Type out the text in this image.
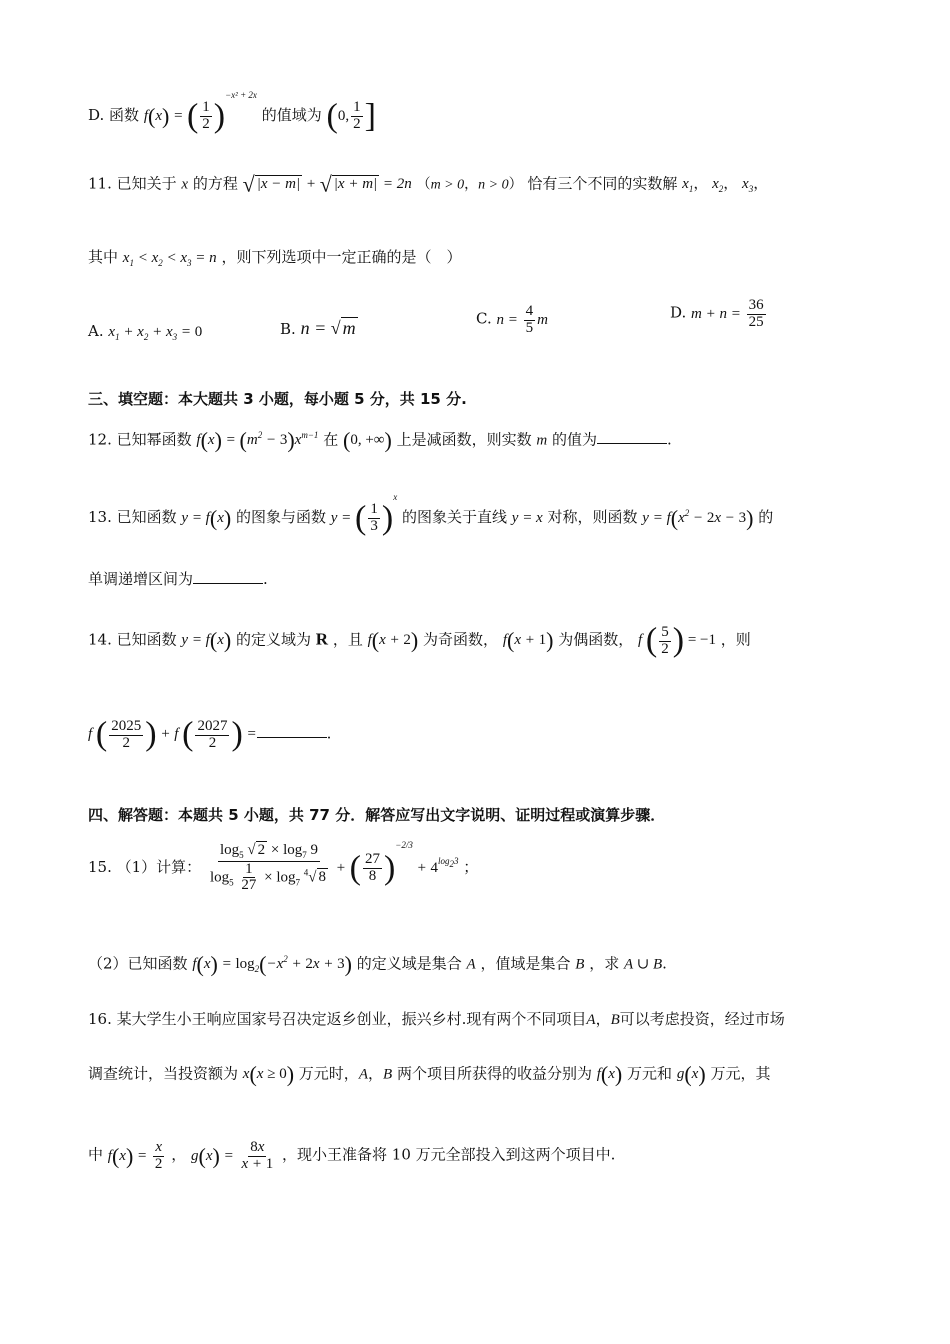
D. 函数 f(x) = ( $\frac{1}{2} )^{-x^2 + 2x}$ 的值域为 (0, $\frac{1}{2}$ ]
11. 已知关于 x 的方程 √ |x − m| + √ |x + m| = 2n （m > 0，n > 0） 恰有三个不同的实数解 $x_1$， $x_2$， $x_3$，
其中 $x_1 < x_2 < x_3 = n$ ，则下列选项中一定正确的是（　）
A. $x_1 + x_2 + x_3 = 0$	B. n = √ m	C. $n = \frac{4}{5}$ m	D. $m + n = \frac{36}{25}$
三、填空题：本大题共 3 小题，每小题 5 分，共 15 分.
12. 已知幂函数 $f(x) = (m^2 - 3)x^{m-1}$ 在 (0, +∞) 上是减函数，则实数 m 的值为	.
13. 已知函数 y = f(x) 的图象与函数 y = ( $\frac{1}{3} )^x$ 的图象关于直线 y = x 对称，则函数 $y = f(x^2 - 2x - 3)$ 的
单调递增区间为	.
14. 已知函数 y = f(x) 的定义域为 R ，且 f(x + 2) 为奇函数， f(x + 1) 为偶函数， f ( $\frac{5}{2}$ ) = −1 ，则
f ( $\frac{2025}{2}$ ) + f ( $\frac{2027}{2}$ ) =	.
四、解答题：本题共 5 小题，共 77 分．解答应写出文字说明、证明过程或演算步骤．
15. （1）计算： $\frac{\log_5 √ 2 \times \log_7 9}{\log_5 \frac{1}{27} \times \log_7 ^4√ 8}$ + ( $\frac{27}{8} )^{-2/3} + 4^{log_23}$ ；
（2）已知函数 $f(x) = \log_2(-x^2 + 2x + 3)$ 的定义域是集合 A ，值域是集合 B ，求 A ∪ B.
16. 某大学生小王响应国家号召决定返乡创业，振兴乡村.现有两个不同项目A，B可以考虑投资，经过市场
调查统计，当投资额为 x(x ≥ 0) 万元时，A，B 两个项目所获得的收益分别为 f(x) 万元和 g(x) 万元，其
中 $f(x) = \frac{x}{2}$ ， $g(x) = \frac{8x}{x + 1}$ ，现小王准备将 10 万元全部投入到这两个项目中.
